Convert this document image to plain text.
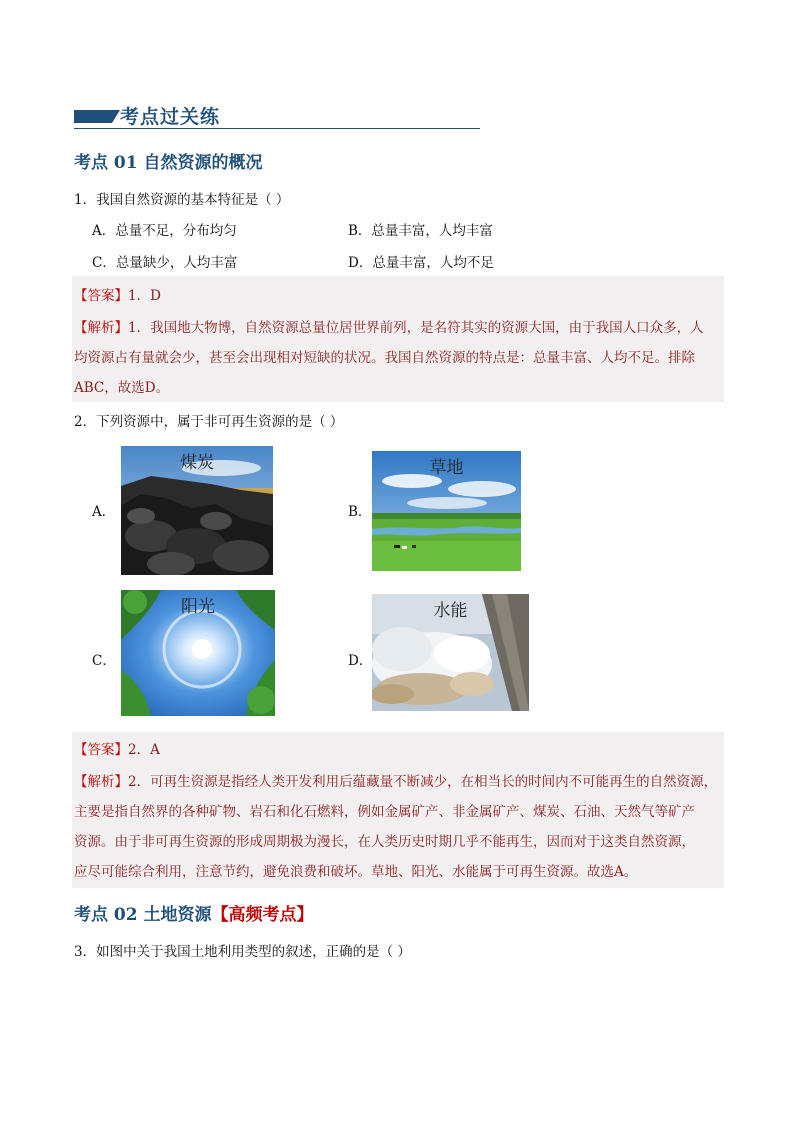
考点过关练
考点 01 自然资源的概况
1．我国自然资源的基本特征是（ ）
A．总量不足，分布均匀	B．总量丰富，人均丰富
C．总量缺少，人均丰富	D．总量丰富，人均不足
【答案】1．D
【解析】1．我国地大物博，自然资源总量位居世界前列，是名符其实的资源大国，由于我国人口众多，人
均资源占有量就会少，甚至会出现相对短缺的状况。我国自然资源的特点是：总量丰富、人均不足。排除
ABC，故选D。
2．下列资源中，属于非可再生资源的是（ ）
A．
煤炭
B．
草地
C．
阳光
D．
水能
【答案】2．A
【解析】2．可再生资源是指经人类开发利用后蕴藏量不断减少，在相当长的时间内不可能再生的自然资源，
主要是指自然界的各种矿物、岩石和化石燃料，例如金属矿产、非金属矿产、煤炭、石油、天然气等矿产
资源。由于非可再生资源的形成周期极为漫长，在人类历史时期几乎不能再生，因而对于这类自然资源，
应尽可能综合利用，注意节约，避免浪费和破坏。草地、阳光、水能属于可再生资源。故选A。
考点 02 土地资源【高频考点】
3．如图中关于我国土地利用类型的叙述，正确的是（ ）
